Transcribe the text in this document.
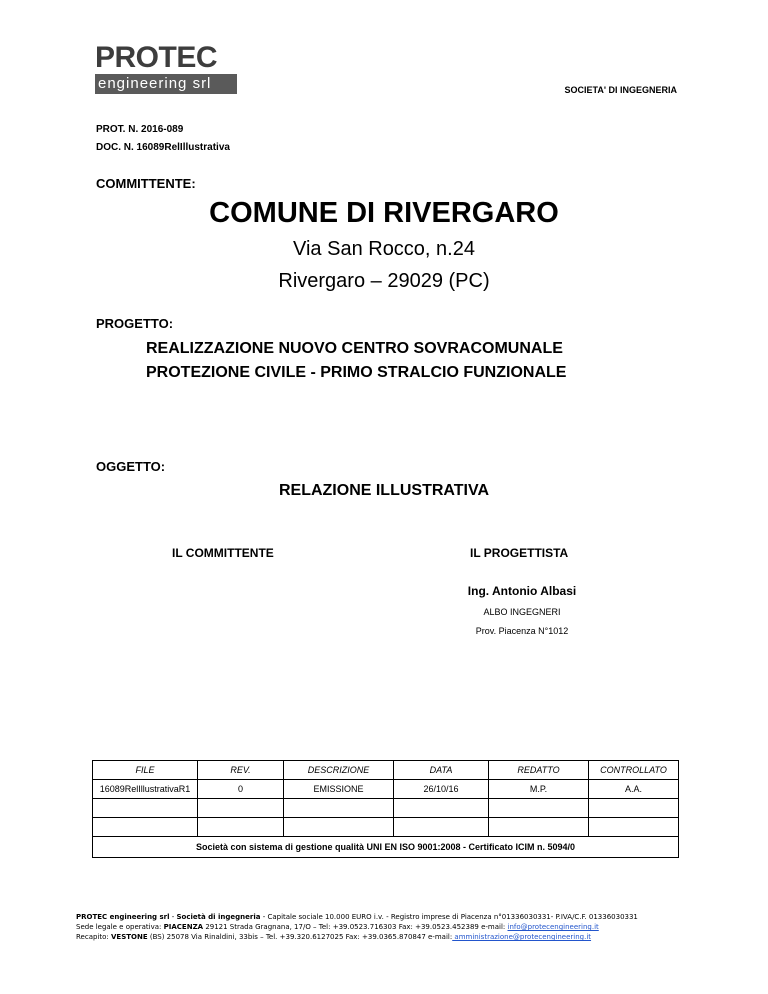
PROTEC
engineering srl	SOCIETA' DI INGEGNERIA
PROT. N. 2016-089
DOC. N. 16089RelIllustrativa
COMMITTENTE:
COMUNE DI RIVERGARO
Via San Rocco, n.24
Rivergaro – 29029 (PC)
PROGETTO:
REALIZZAZIONE NUOVO CENTRO SOVRACOMUNALE
PROTEZIONE CIVILE - PRIMO STRALCIO FUNZIONALE
OGGETTO:
RELAZIONE ILLUSTRATIVA
IL COMMITTENTE	IL PROGETTISTA
Ing. Antonio Albasi
ALBO INGEGNERI
Prov. Piacenza N°1012
FILE	REV.	DESCRIZIONE	DATA	REDATTO	CONTROLLATO
16089RelIllustrativaR1	0	EMISSIONE	26/10/16	M.P.	A.A.

Società con sistema di gestione qualità UNI EN ISO 9001:2008 - Certificato ICIM n. 5094/0					
PROTEC engineering srl - Società di ingegneria - Capitale sociale 10.000 EURO i.v. - Registro imprese di Piacenza n°01336030331- P.IVA/C.F. 01336030331
Sede legale e operativa: PIACENZA 29121 Strada Gragnana, 17/O – Tel: +39.0523.716303 Fax: +39.0523.452389 e-mail: info@protecengineering.it
Recapito: VESTONE (BS) 25078 Via Rinaldini, 33bis – Tel. +39.320.6127025 Fax: +39.0365.870847 e-mail: amministrazione@protecengineering.it
